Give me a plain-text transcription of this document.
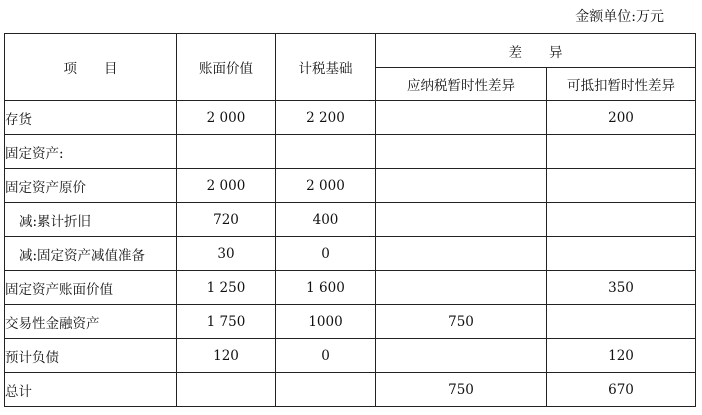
金额单位:万元
项　　目	账面价值	计税基础	差　　异	
			应纳税暂时性差异	可抵扣暂时性差异
存货	2 000	2 200		200
固定资产:				
固定资产原价	2 000	2 000		
减:累计折旧	720	400		
减:固定资产减值准备	30	0		
固定资产账面价值	1 250	1 600		350
交易性金融资产	1 750	1000	750	
预计负债	120	0		120
总计			750	670
